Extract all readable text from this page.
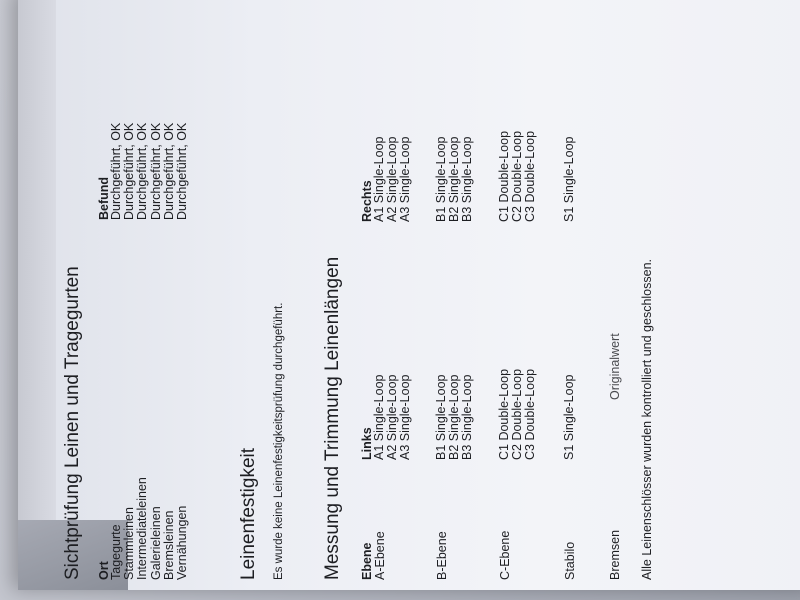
Sichtprüfung Leinen und Tragegurten Ort
Befund
Tagegurte Stammleinen Intermediateleinen Galerieleinen Bremsleinen Vernähungen
Durchgeführt, OK Durchgeführt, OK Durchgeführt, OK Durchgeführt, OK Durchgeführt, OK Durchgeführt, OK
Leinenfestigkeit Es wurde keine Leinenfestigkeitsprüfung durchgeführt. Messung und Trimmung Leinenlängen Ebene
Links
Rechts
A-Ebene
A1 Single-Loop A2 Single-Loop A3 Single-Loop
A1 Single-Loop A2 Single-Loop A3 Single-Loop
B-Ebene
B1 Single-Loop B2 Single-Loop B3 Single-Loop
B1 Single-Loop B2 Single-Loop B3 Single-Loop
C-Ebene
C1 Double-Loop C2 Double-Loop C3 Double-Loop
C1 Double-Loop C2 Double-Loop C3 Double-Loop
Stabilo
S1 Single-Loop
S1 Single-Loop
Bremsen
Originalwert Alle Leinenschlösser wurden kontrolliert und geschlossen.
